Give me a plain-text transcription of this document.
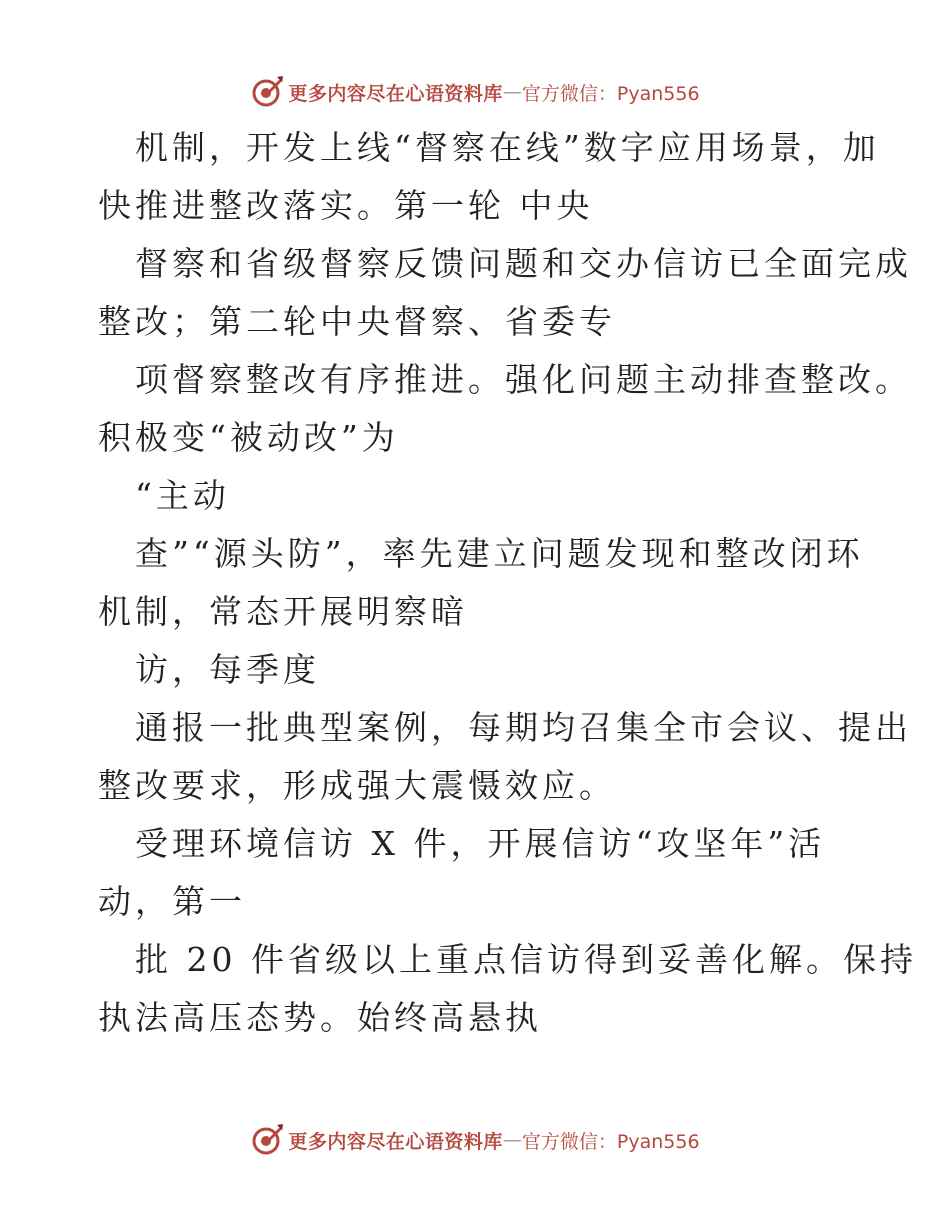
更多内容尽在心语资料库 — 官方微信：Pyan556
机制，开发上线“督察在线”数字应用场景，加
快推进整改落实。第一轮 中央
督察和省级督察反馈问题和交办信访已全面完成
整改；第二轮中央督察、省委专
项督察整改有序推进。强化问题主动排查整改。
积极变“被动改”为
“主动
查”“源头防”，率先建立问题发现和整改闭环
机制，常态开展明察暗
访，每季度
通报一批典型案例，每期均召集全市会议、提出
整改要求，形成强大震慑效应。
受理环境信访 X 件，开展信访“攻坚年”活
动，第一
批 20 件省级以上重点信访得到妥善化解。保持
执法高压态势。始终高悬执
更多内容尽在心语资料库 — 官方微信：Pyan556
